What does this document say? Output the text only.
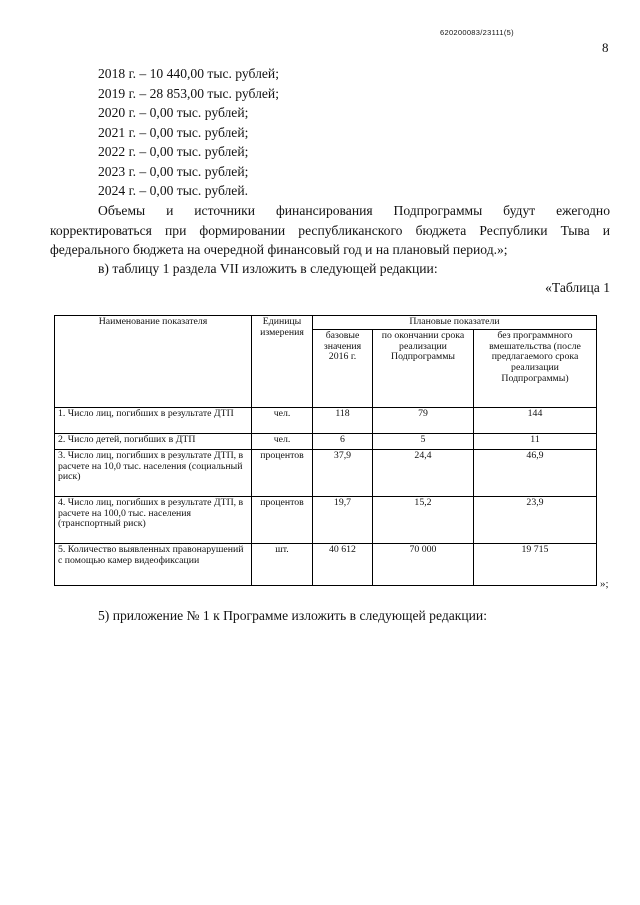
620200083/23111(5)
8
2018 г. – 10 440,00 тыс. рублей;
2019 г. – 28 853,00 тыс. рублей;
2020 г. – 0,00 тыс. рублей;
2021 г. – 0,00 тыс. рублей;
2022 г. – 0,00 тыс. рублей;
2023 г. – 0,00 тыс. рублей;
2024 г. – 0,00 тыс. рублей.
Объемы и источники финансирования Подпрограммы будут ежегодно корректироваться при формировании республиканского бюджета Республики Тыва и федерального бюджета на очередной финансовый год и на плановый период.»;
в) таблицу 1 раздела VII изложить в следующей редакции:
«Таблица 1
Наименование показателя	Единицы измерения	Плановые показатели		
		базовые значения 2016 г.	по окончании срока реализации Подпрограммы	без программного вмешательства (после предлагаемого срока реализации Подпрограммы)
1. Число лиц, погибших в результате ДТП	чел.	118	79	144
2. Число детей, погибших в ДТП	чел.	6	5	11
3. Число лиц, погибших в результате ДТП, в расчете на 10,0 тыс. населения (социальный риск)	процентов	37,9	24,4	46,9
4. Число лиц, погибших в результате ДТП, в расчете на 100,0 тыс. населения (транспортный риск)	процентов	19,7	15,2	23,9
5. Количество выявленных правонарушений с помощью камер видеофиксации	шт.	40 612	70 000	19 715
»;
5) приложение № 1 к Программе изложить в следующей редакции:
